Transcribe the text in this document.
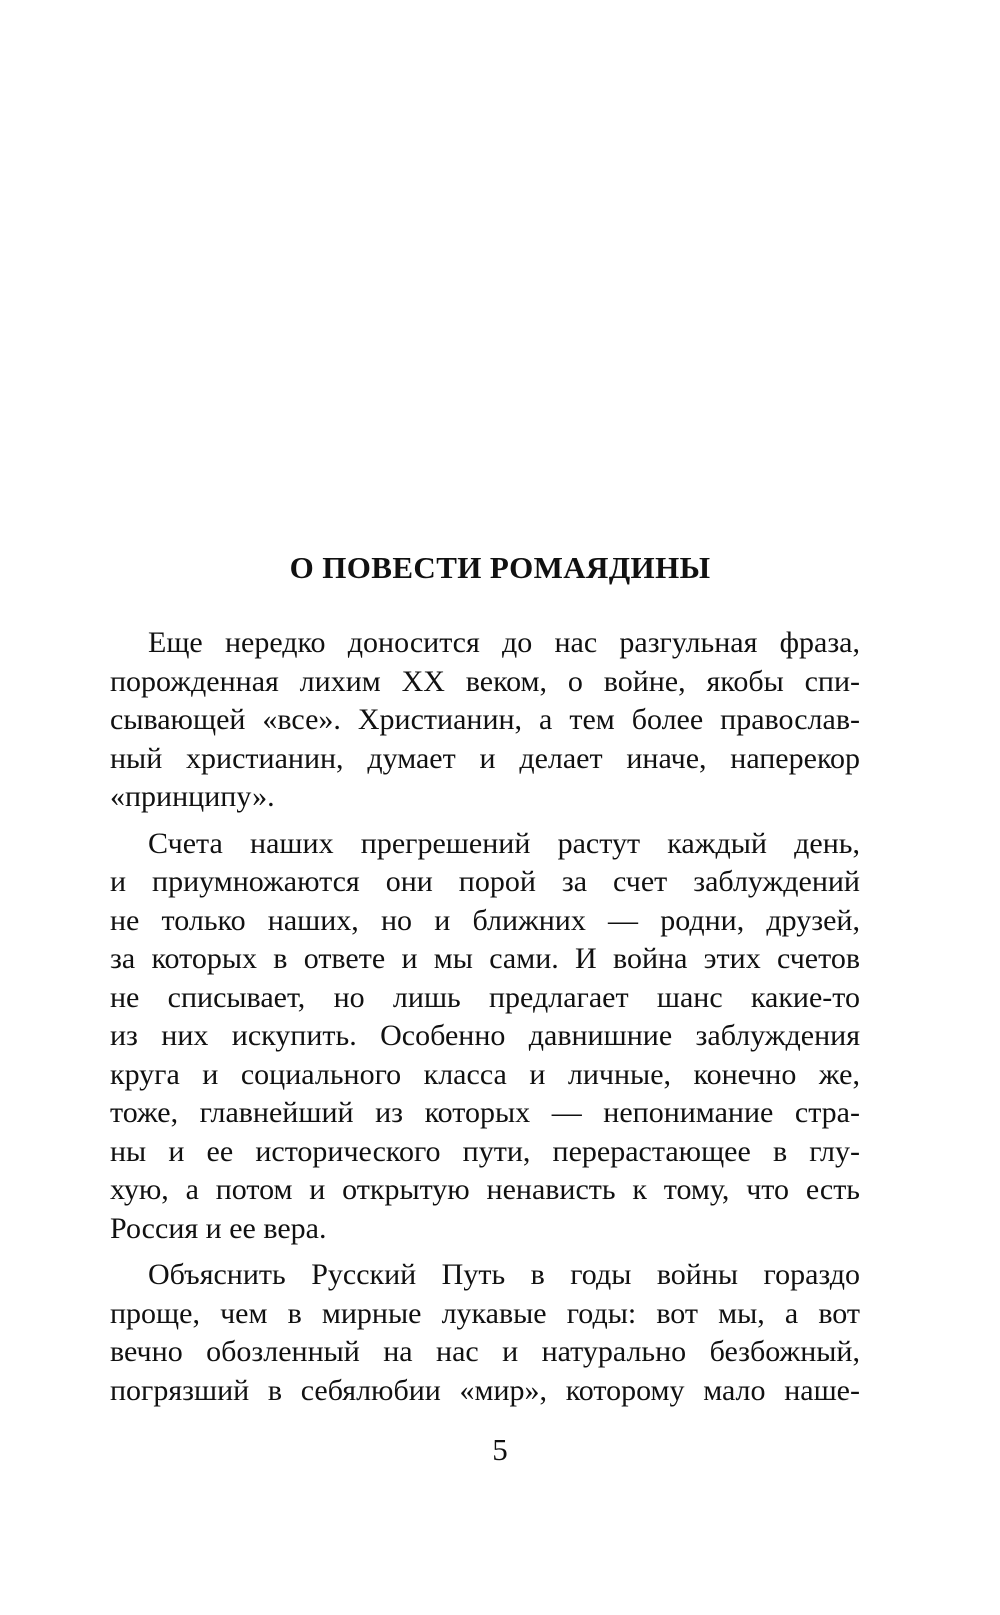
О ПОВЕСТИ РОМАЯДИНЫ
Еще нередко доносится до нас разгульная фраза,
порожденная лихим XX веком, о войне, якобы спи-
сывающей «все». Христианин, а тем более православ-
ный христианин, думает и делает иначе, наперекор
«принципу».
Счета наших прегрешений растут каждый день,
и приумножаются они порой за счет заблуждений
не только наших, но и ближних — родни, друзей,
за которых в ответе и мы сами. И война этих счетов
не списывает, но лишь предлагает шанс какие-то
из них искупить. Особенно давнишние заблуждения
круга и социального класса и личные, конечно же,
тоже, главнейший из которых — непонимание стра-
ны и ее исторического пути, перерастающее в глу-
хую, а потом и открытую ненависть к тому, что есть
Россия и ее вера.
Объяснить Русский Путь в годы войны гораздо
проще, чем в мирные лукавые годы: вот мы, а вот
вечно обозленный на нас и натурально безбожный,
погрязший в себялюбии «мир», которому мало наше-
5
